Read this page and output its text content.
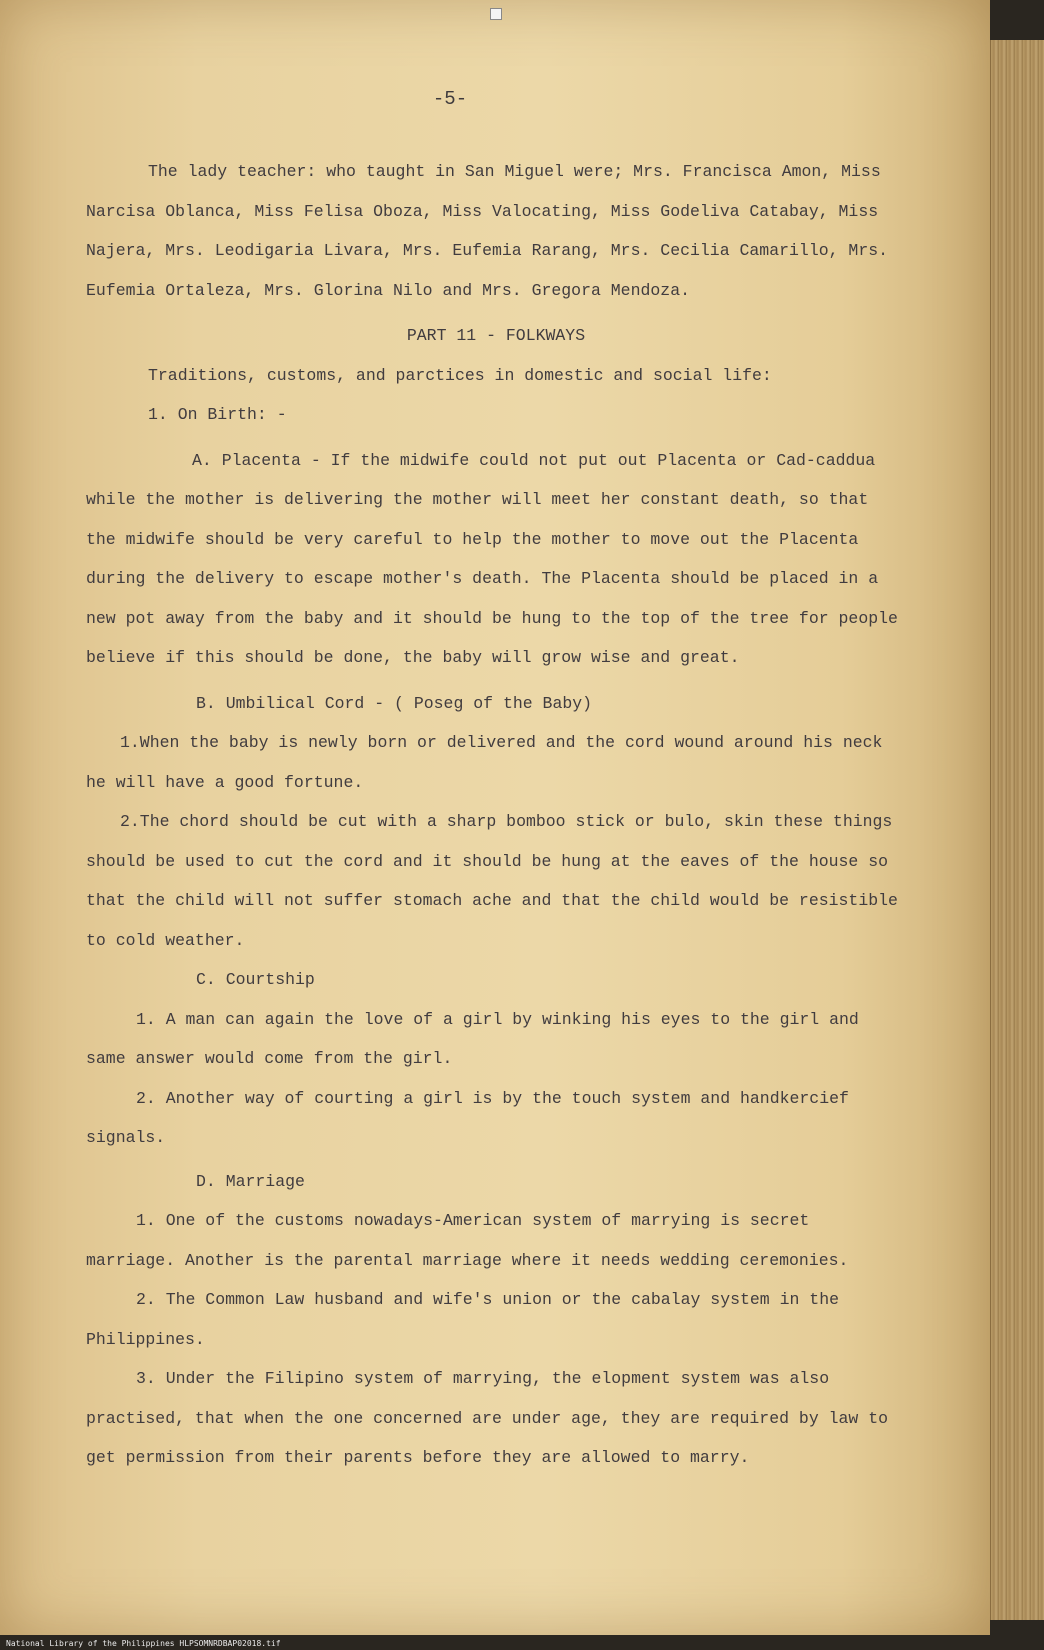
-5-

The lady teacher: who taught in San Miguel were; Mrs. Francisca Amon, Miss Narcisa Oblanca, Miss Felisa Oboza, Miss Valocating, Miss Godeliva Catabay, Miss Najera, Mrs. Leodigaria Livara, Mrs. Eufemia Rarang, Mrs. Cecilia Camarillo, Mrs. Eufemia Ortaleza, Mrs. Glorina Nilo and Mrs. Gregora Mendoza.

PART 11 - FOLKWAYS

Traditions, customs, and parctices in domestic and social life:

1. On Birth: -

A. Placenta - If the midwife could not put out Placenta or Cad-caddua while the mother is delivering the mother will meet her constant death, so that the midwife should be very careful to help the mother to move out the Placenta during the delivery to escape mother's death. The Placenta should be placed in a new pot away from the baby and it should be hung to the top of the tree for people believe if this should be done, the baby will grow wise and great.

B. Umbilical Cord - ( Poseg of the Baby)

1.When the baby is newly born or delivered and the cord wound around his neck he will have a good fortune.

2.The chord should be cut with a sharp bomboo stick or bulo, skin these things should be used to cut the cord and it should be hung at the eaves of the house so that the child will not suffer stomach ache and that the child would be resistible to cold weather.

C. Courtship

1. A man can again the love of a girl by winking his eyes to the girl and same answer would come from the girl.

2. Another way of courting a girl is by the touch system and handkercief signals.

D. Marriage

1. One of the customs nowadays-American system of marrying is secret marriage. Another is the parental marriage where it needs wedding ceremonies.

2. The Common Law husband and wife's union or the cabalay system in the Philippines.

3. Under the Filipino system of marrying, the elopment system was also practised, that when the one concerned are under age, they are required by law to get permission from their parents before they are allowed to marry.

National Library of the Philippines HLPSOMNRDBAP02018.tif
